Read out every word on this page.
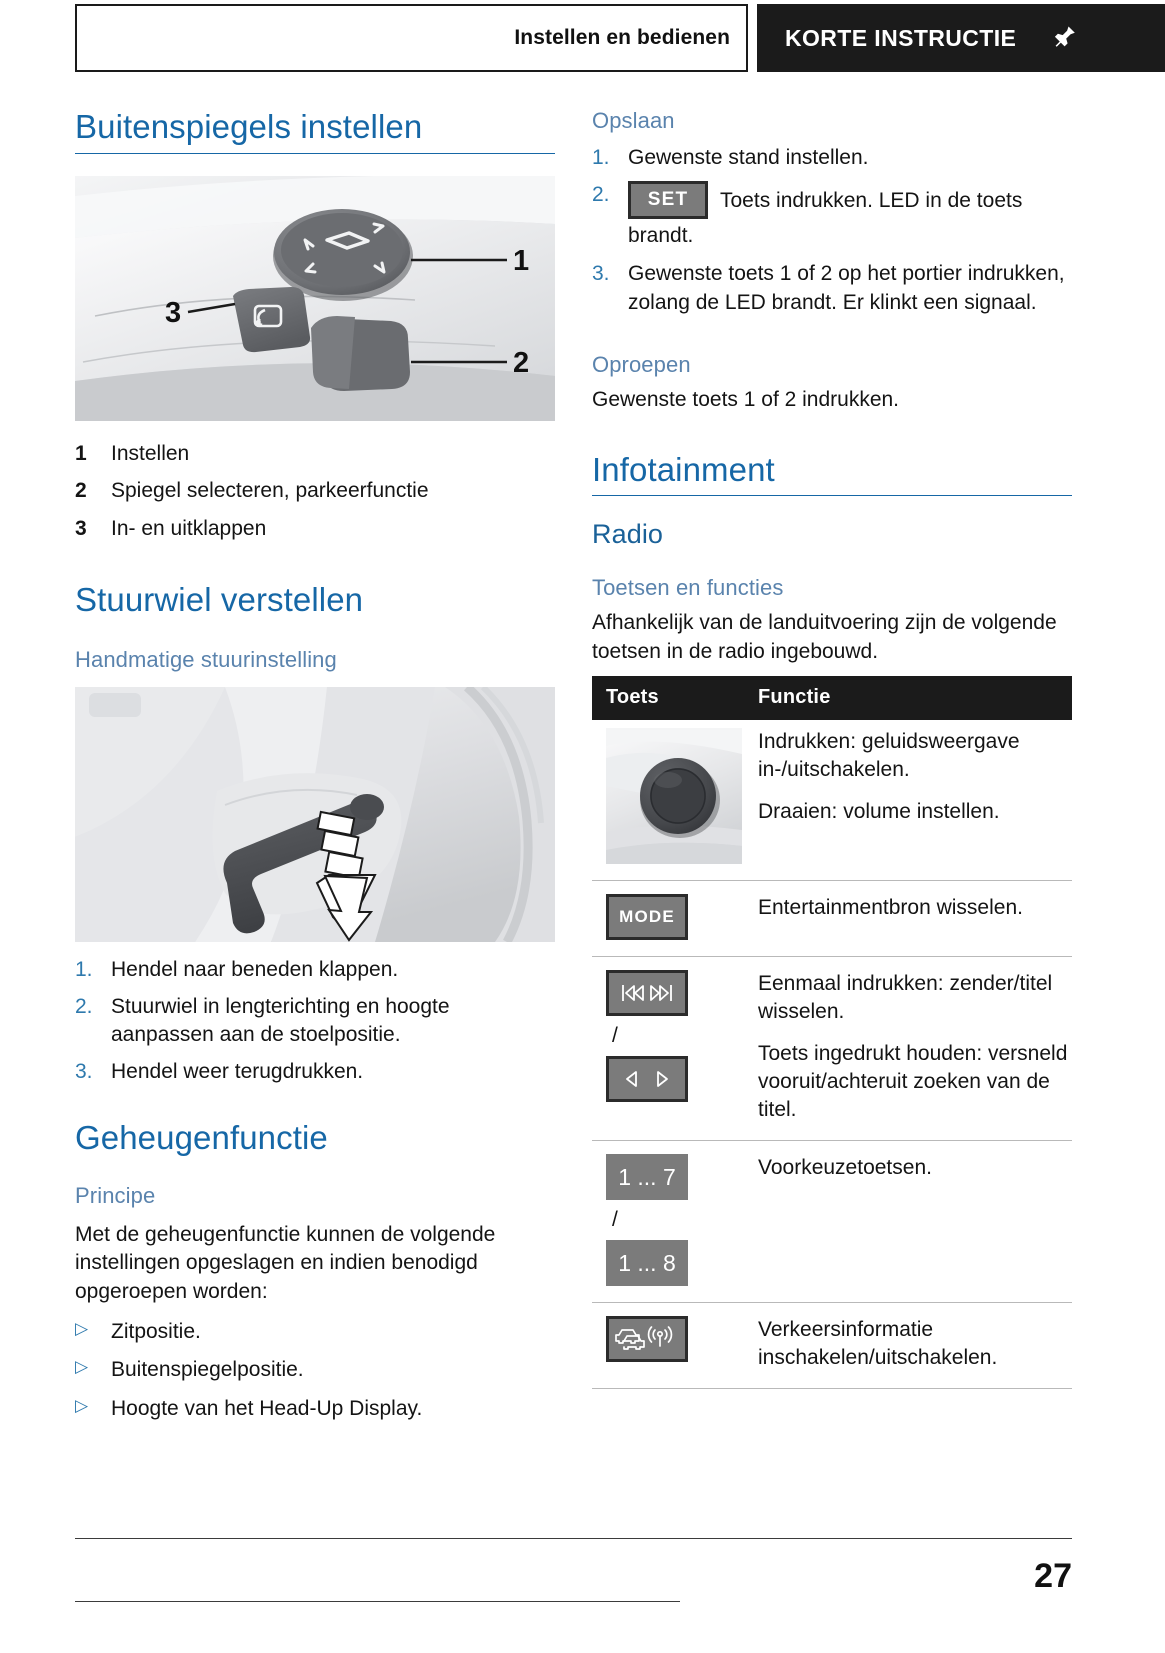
Instellen en bedienen KORTE INSTRUCTIE
Buitenspiegels instellen
1
3
2
1	Instellen
2	Spiegel selecteren, parkeerfunctie
3	In- en uitklappen
Stuurwiel verstellen
Handmatige stuurinstelling
1. Hendel naar beneden klappen.
2. Stuurwiel in lengterichting en hoogte aanpassen aan de stoelpositie.
3. Hendel weer terugdrukken.
Geheugenfunctie
Principe

Met de geheugenfunctie kunnen de volgende instellingen opgeslagen en indien benodigd opgeroepen worden:

▷	Zitpositie.
▷	Buitenspiegelpositie.
▷	Hoogte van het Head-Up Display.
Opslaan
1. Gewenste stand instellen.
2.	SET Toets indrukken. LED in de toets brandt.
3. Gewenste toets 1 of 2 op het portier indrukken, zolang de LED brandt. Er klinkt een signaal.
Oproepen

Gewenste toets 1 of 2 indrukken.

Infotainment
Radio
Toetsen en functies

Afhankelijk van de landuitvoering zijn de volgende toetsen in de radio ingebouwd.

Toets	Functie

Indrukken: geluidsweergave in-/uitschakelen.

Draaien: volume instellen.

MODE	Entertainmentbron wisselen.

/	Eenmaal indrukken: zender/titel wisselen.

Toets ingedrukt houden: versneld vooruit/achteruit zoeken van de titel.

1 ... 7
/
1 ... 8	Voorkeuzetoetsen.

Verkeersinformatie inschakelen/uitschakelen.

27
